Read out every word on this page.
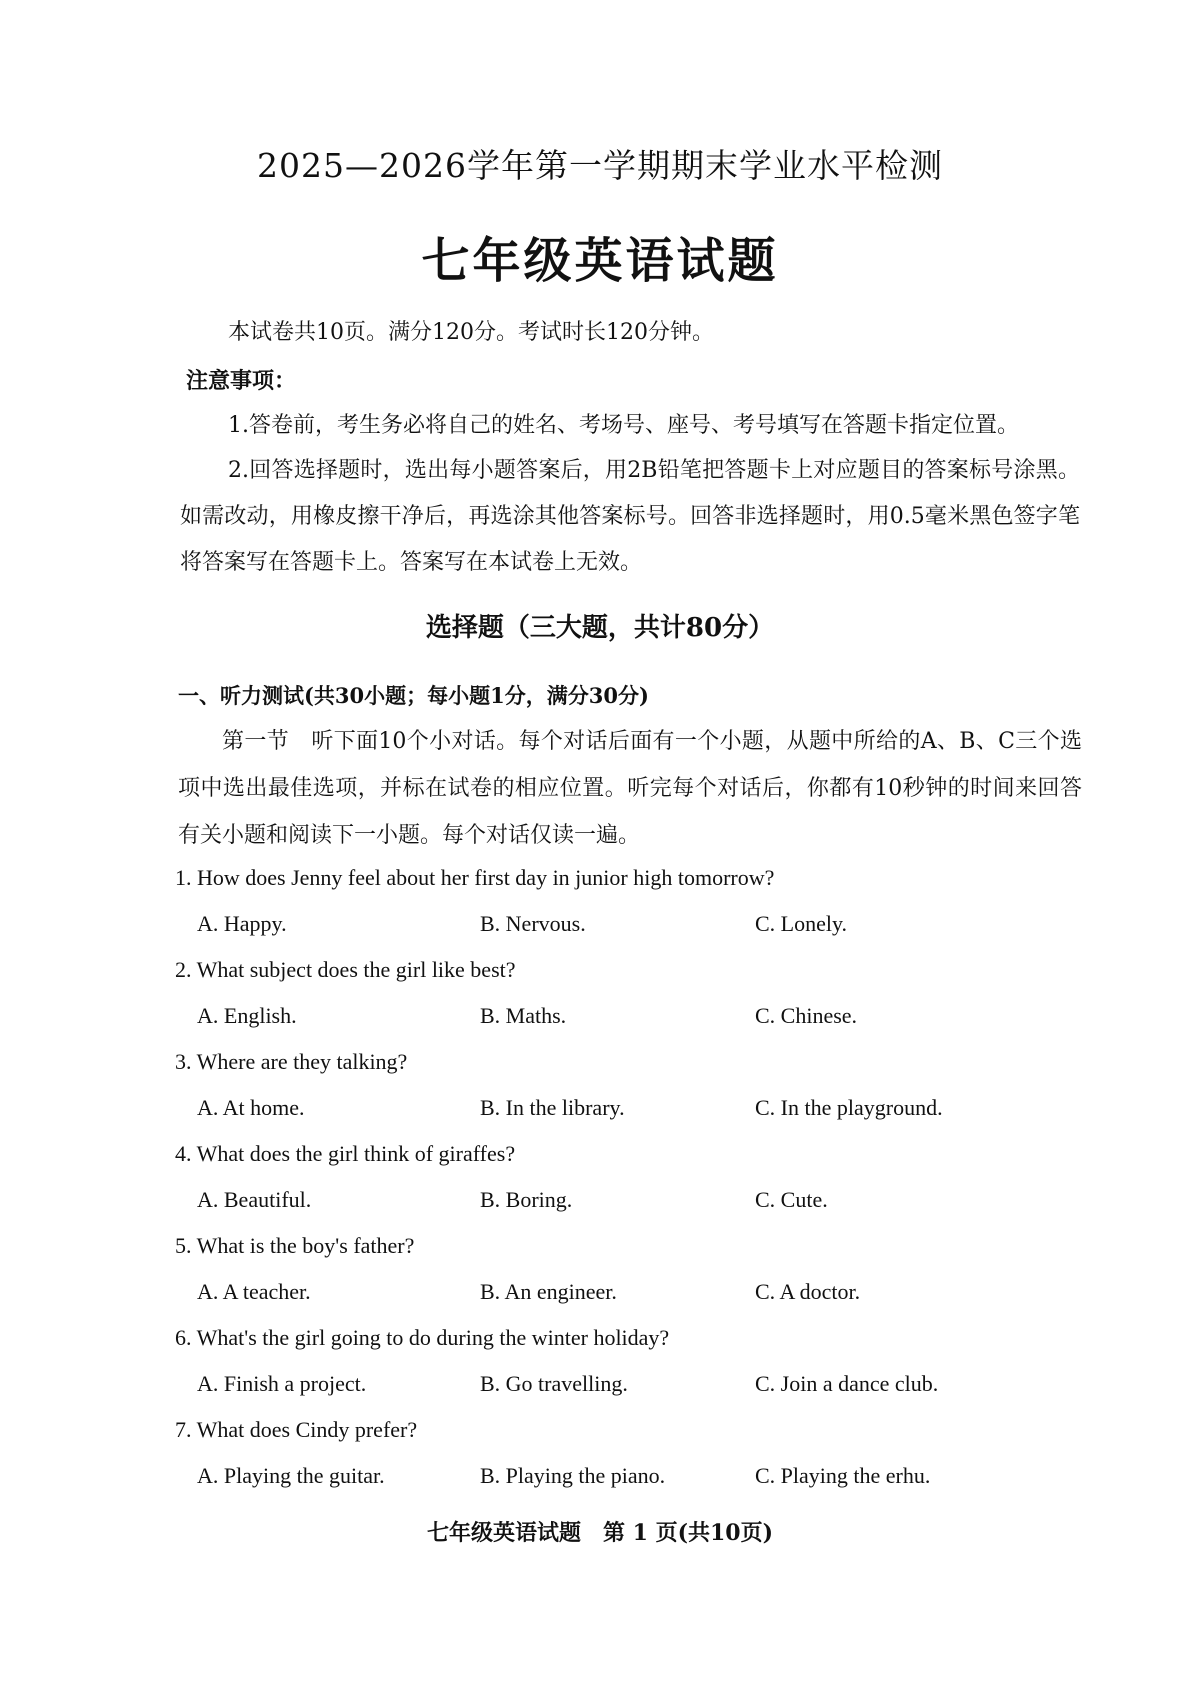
2025—2026学年第一学期期末学业水平检测
七年级英语试题
本试卷共10页。满分120分。考试时长120分钟。
注意事项：
1.答卷前，考生务必将自己的姓名、考场号、座号、考号填写在答题卡指定位置。
2.回答选择题时，选出每小题答案后，用2B铅笔把答题卡上对应题目的答案标号涂黑。如需改动，用橡皮擦干净后，再选涂其他答案标号。回答非选择题时，用0.5毫米黑色签字笔将答案写在答题卡上。答案写在本试卷上无效。
选择题（三大题，共计80分）
一、听力测试(共30小题；每小题1分，满分30分)
第一节　听下面10个小对话。每个对话后面有一个小题，从题中所给的A、B、C三个选项中选出最佳选项，并标在试卷的相应位置。听完每个对话后，你都有10秒钟的时间来回答有关小题和阅读下一小题。每个对话仅读一遍。
1. How does Jenny feel about her first day in junior high tomorrow?
A. Happy.	B. Nervous.	C. Lonely.
2. What subject does the girl like best?
A. English.	B. Maths.	C. Chinese.
3. Where are they talking?
A. At home.	B. In the library.	C. In the playground.
4. What does the girl think of giraffes?
A. Beautiful.	B. Boring.	C. Cute.
5. What is the boy's father?
A. A teacher.	B. An engineer.	C. A doctor.
6. What's the girl going to do during the winter holiday?
A. Finish a project.	B. Go travelling.	C. Join a dance club.
7. What does Cindy prefer?
A. Playing the guitar.	B. Playing the piano.	C. Playing the erhu.
七年级英语试题　第 1 页(共10页)
